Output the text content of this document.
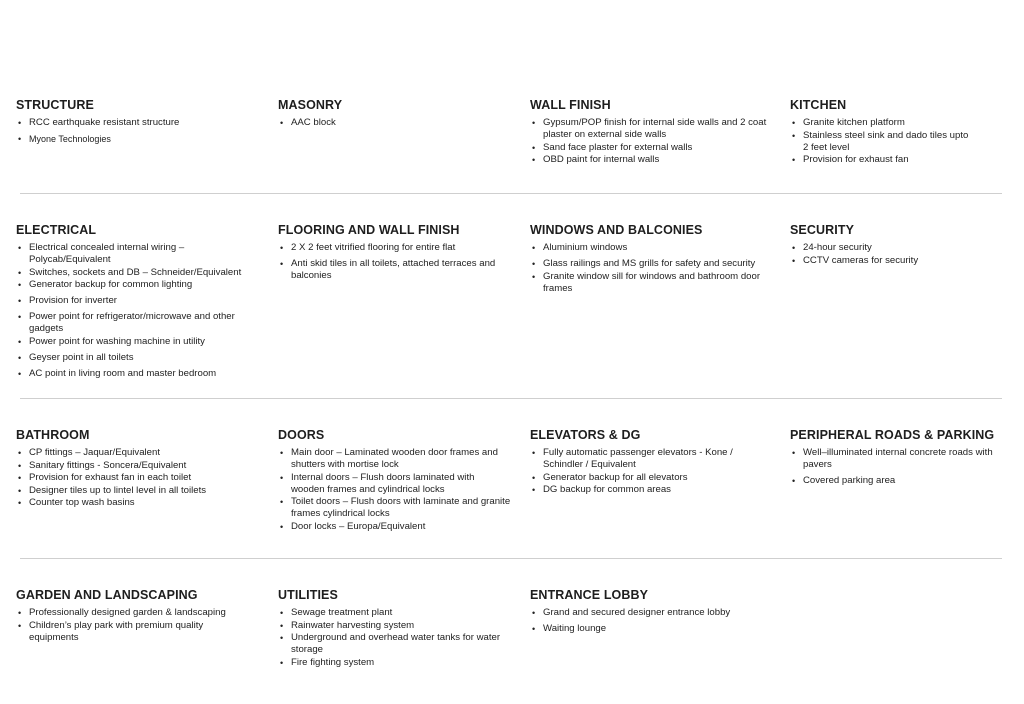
STRUCTURE
• RCC earthquake resistant structure
• Myone Technologies
MASONRY
• AAC block
WALL FINISH
• Gypsum/POP finish for internal side walls and 2 coat plaster on external side walls
• Sand face plaster for external walls
• OBD paint for internal walls
KITCHEN
• Granite kitchen platform
• Stainless steel sink and dado tiles upto 2 feet level
• Provision for exhaust fan
ELECTRICAL
• Electrical concealed internal wiring – Polycab/Equivalent
• Switches, sockets and DB – Schneider/Equivalent
• Generator backup for common lighting
• Provision for inverter
• Power point for refrigerator/microwave and other gadgets
• Power point for washing machine in utility
• Geyser point in all toilets
• AC point in living room and master bedroom
FLOORING AND WALL FINISH
• 2 X 2 feet vitrified flooring for entire flat
• Anti skid tiles in all toilets, attached terraces and balconies
WINDOWS AND BALCONIES
• Aluminium windows
• Glass railings and MS grills for safety and security
• Granite window sill for windows and bathroom door frames
SECURITY
• 24-hour security
• CCTV cameras for security
BATHROOM
• CP fittings – Jaquar/Equivalent
• Sanitary fittings - Soncera/Equivalent
• Provision for exhaust fan in each toilet
• Designer tiles up to lintel level in all toilets
• Counter top wash basins
DOORS
• Main door – Laminated wooden door frames and shutters with mortise lock
• Internal doors – Flush doors laminated with wooden frames and cylindrical locks
• Toilet doors – Flush doors with laminate and granite frames cylindrical locks
• Door locks – Europa/Equivalent
ELEVATORS & DG
• Fully automatic passenger elevators - Kone / Schindler / Equivalent
• Generator backup for all elevators
• DG backup for common areas
PERIPHERAL ROADS & PARKING
• Well–illuminated internal concrete roads with pavers
• Covered parking area
GARDEN AND LANDSCAPING
• Professionally designed garden & landscaping
• Children’s play park with premium quality equipments
UTILITIES
• Sewage treatment plant
• Rainwater harvesting system
• Underground and overhead water tanks for water storage
• Fire fighting system
ENTRANCE LOBBY
• Grand and secured designer entrance lobby
• Waiting lounge
